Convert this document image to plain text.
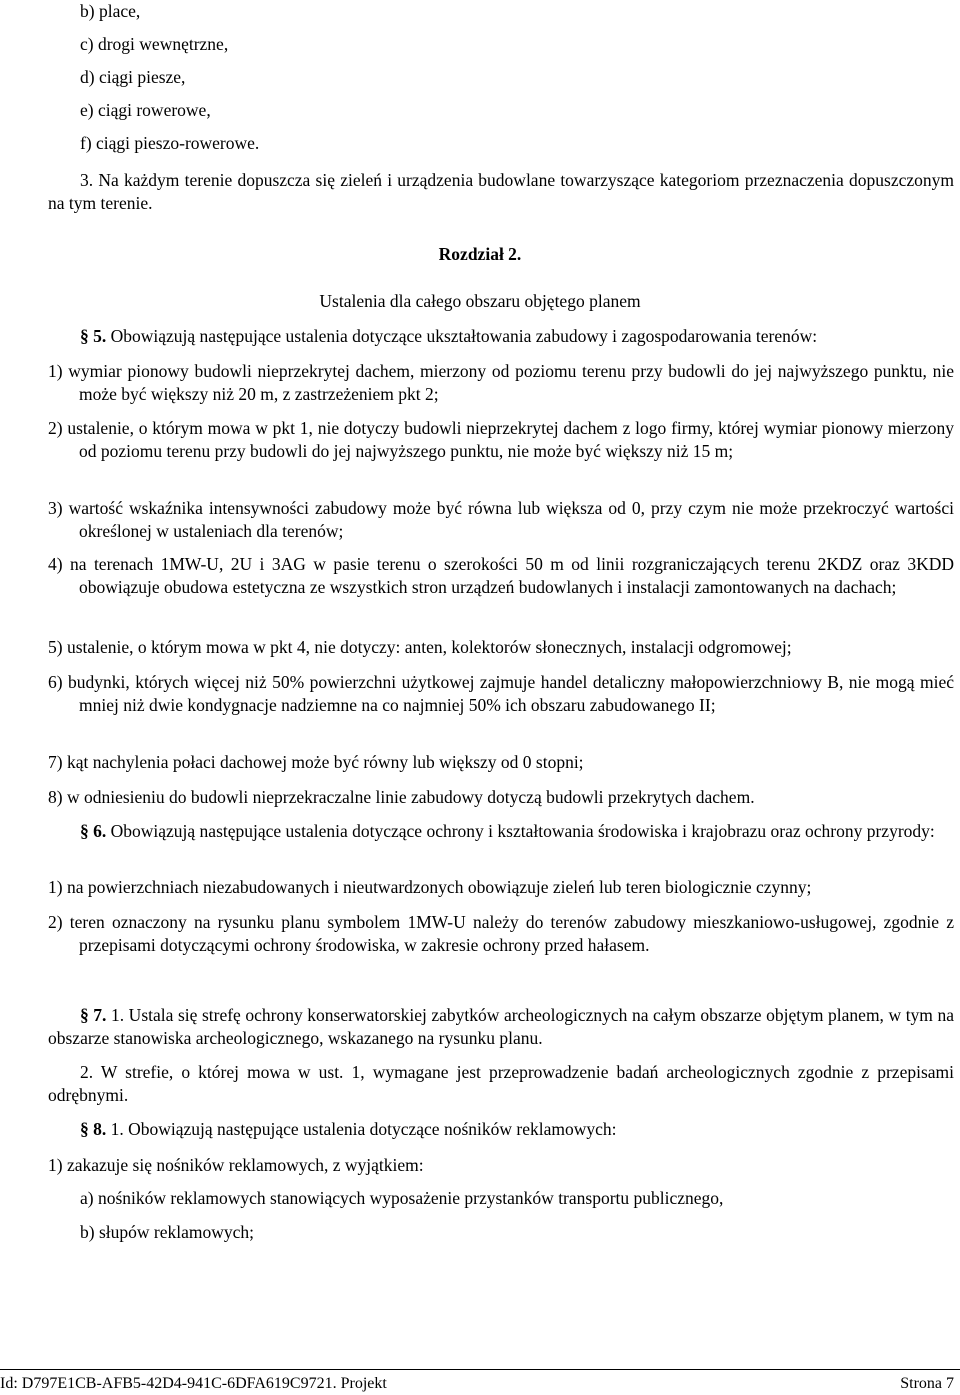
b) place,
c) drogi wewnętrzne,
d) ciągi piesze,
e) ciągi rowerowe,
f) ciągi pieszo-rowerowe.
3. Na każdym terenie dopuszcza się zieleń i urządzenia budowlane towarzyszące kategoriom przeznaczenia dopuszczonym na tym terenie.
Rozdział 2.
Ustalenia dla całego obszaru objętego planem
§ 5. Obowiązują następujące ustalenia dotyczące ukształtowania zabudowy i zagospodarowania terenów:
1) wymiar pionowy budowli nieprzekrytej dachem, mierzony od poziomu terenu przy budowli do jej najwyższego punktu, nie może być większy niż 20 m, z zastrzeżeniem pkt 2;
2) ustalenie, o którym mowa w pkt 1, nie dotyczy budowli nieprzekrytej dachem z logo firmy, której wymiar pionowy mierzony od poziomu terenu przy budowli do jej najwyższego punktu, nie może być większy niż 15 m;
3) wartość wskaźnika intensywności zabudowy może być równa lub większa od 0, przy czym nie może przekroczyć wartości określonej w ustaleniach dla terenów;
4) na terenach 1MW-U, 2U i 3AG w pasie terenu o szerokości 50 m od linii rozgraniczających terenu 2KDZ oraz 3KDD obowiązuje obudowa estetyczna ze wszystkich stron urządzeń budowlanych i instalacji zamontowanych na dachach;
5) ustalenie, o którym mowa w pkt 4, nie dotyczy: anten, kolektorów słonecznych, instalacji odgromowej;
6) budynki, których więcej niż 50% powierzchni użytkowej zajmuje handel detaliczny małopowierzchniowy B, nie mogą mieć mniej niż dwie kondygnacje nadziemne na co najmniej 50% ich obszaru zabudowanego II;
7) kąt nachylenia połaci dachowej może być równy lub większy od 0 stopni;
8) w odniesieniu do budowli nieprzekraczalne linie zabudowy dotyczą budowli przekrytych dachem.
§ 6. Obowiązują następujące ustalenia dotyczące ochrony i kształtowania środowiska i krajobrazu oraz ochrony przyrody:
1) na powierzchniach niezabudowanych i nieutwardzonych obowiązuje zieleń lub teren biologicznie czynny;
2) teren oznaczony na rysunku planu symbolem 1MW-U należy do terenów zabudowy mieszkaniowo-usługowej, zgodnie z przepisami dotyczącymi ochrony środowiska, w zakresie ochrony przed hałasem.
§ 7. 1. Ustala się strefę ochrony konserwatorskiej zabytków archeologicznych na całym obszarze objętym planem, w tym na obszarze stanowiska archeologicznego, wskazanego na rysunku planu.
2. W strefie, o której mowa w ust. 1, wymagane jest przeprowadzenie badań archeologicznych zgodnie z przepisami odrębnymi.
§ 8. 1. Obowiązują następujące ustalenia dotyczące nośników reklamowych:
1) zakazuje się nośników reklamowych, z wyjątkiem:
a) nośników reklamowych stanowiących wyposażenie przystanków transportu publicznego,
b) słupów reklamowych;
Id: D797E1CB-AFB5-42D4-941C-6DFA619C9721. Projekt	Strona 7
